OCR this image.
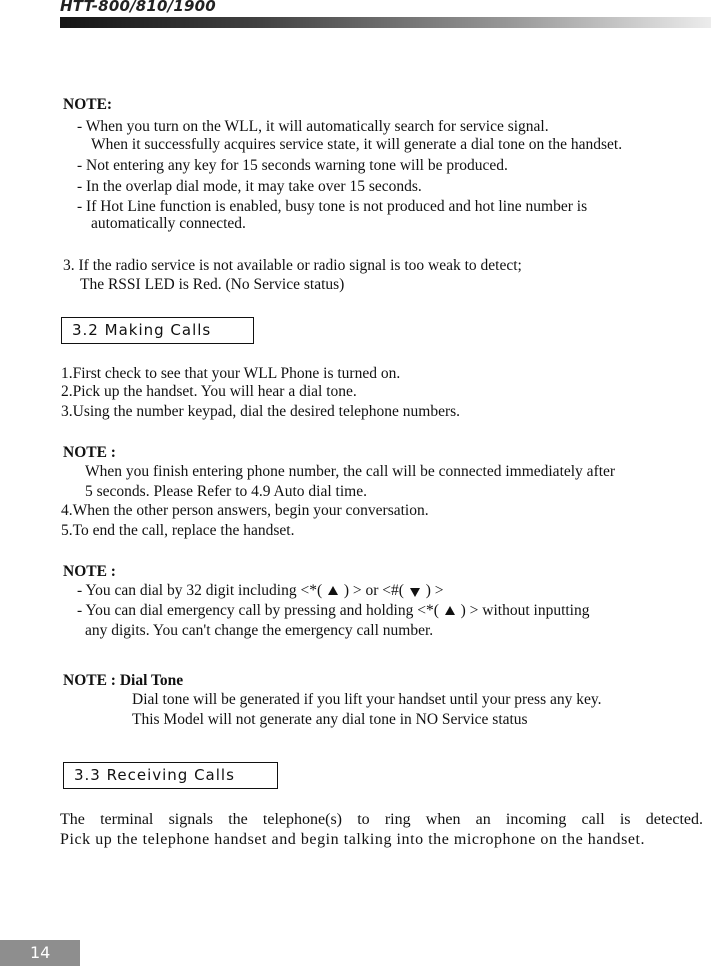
HTT-800/810/1900
NOTE:
- When you turn on the WLL, it will automatically search for service signal.
When it successfully acquires service state, it will generate a dial tone on the handset.
- Not entering any key for 15 seconds warning tone will be produced.
- In the overlap dial mode, it may take over 15 seconds.
- If Hot Line function is enabled, busy tone is not produced and hot line number is
automatically connected.
3. If the radio service is not available or radio signal is too weak to detect;
The RSSI LED is Red. (No Service status)
3.2 Making Calls
1.First check to see that your WLL Phone is turned on.
2.Pick up the handset. You will hear a dial tone.
3.Using the number keypad, dial the desired telephone numbers.
NOTE :
When you finish entering phone number, the call will be connected immediately after
5 seconds. Please Refer to 4.9 Auto dial time.
4.When the other person answers, begin your conversation.
5.To end the call, replace the handset.
NOTE :
- You can dial by 32 digit including <*( ) > or <#( ) >
- You can dial emergency call by pressing and holding <*( ) > without inputting
any digits. You can't change the emergency call number.
NOTE : Dial Tone
Dial tone will be generated if you lift your handset until your press any key.
This Model will not generate any dial tone in NO Service status
3.3 Receiving Calls
The terminal signals the telephone(s) to ring when an incoming call is detected.
Pick up the telephone handset and begin talking into the microphone on the handset.
14
